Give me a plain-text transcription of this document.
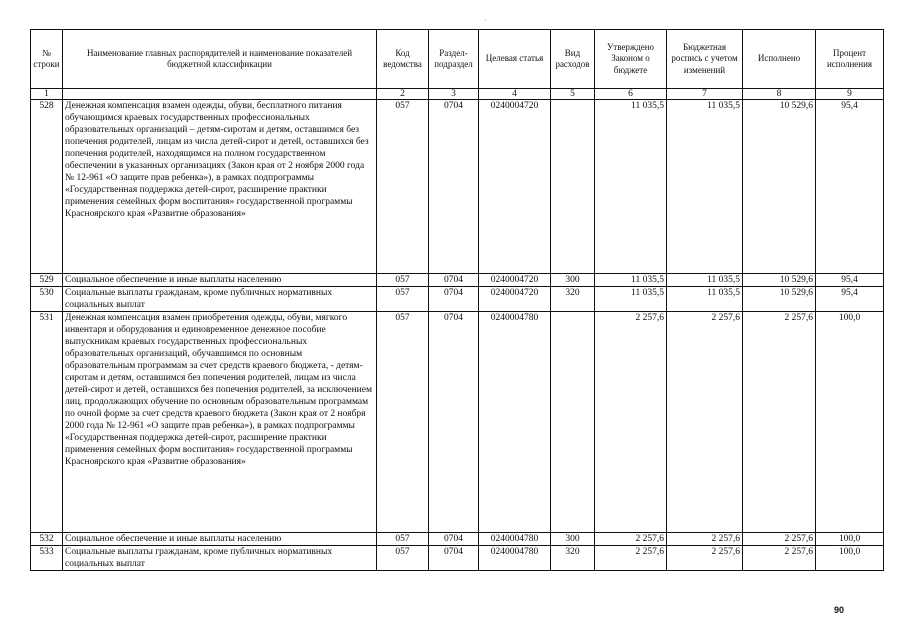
·
№ строки	Наименование главных распорядителей и наименование показателей бюджетной классификации	Код ведомства	Раздел-подраздел	Целевая статья	Вид расходов	Утверждено Законом о бюджете	Бюджетная роспись с учетом изменений	Исполнено	Процент исполнения
1		2	3	4	5	6	7	8	9
528	Денежная компенсация взамен одежды, обуви, бесплатного питания обучающимся краевых государственных профессиональных образовательных организаций – детям-сиротам и детям, оставшимся без попечения родителей, лицам из числа детей-сирот и детей, оставшихся без попечения родителей, находящимся на полном государственном обеспечении в указанных организациях (Закон края от 2 ноября 2000 года № 12-961 «О защите прав ребенка»), в рамках подпрограммы «Государственная поддержка детей-сирот, расширение практики применения семейных форм воспитания» государственной программы Красноярского края «Развитие образования»	057	0704	0240004720		11 035,5	11 035,5	10 529,6	95,4
529	Социальное обеспечение и иные выплаты населению	057	0704	0240004720	300	11 035,5	11 035,5	10 529,6	95,4
530	Социальные выплаты гражданам, кроме публичных нормативных социальных выплат	057	0704	0240004720	320	11 035,5	11 035,5	10 529,6	95,4
531	Денежная компенсация взамен приобретения одежды, обуви, мягкого инвентаря и оборудования и единовременное денежное пособие выпускникам краевых государственных профессиональных образовательных организаций, обучавшимся по основным образовательным программам за счет средств краевого бюджета, - детям-сиротам и детям, оставшимся без попечения родителей, лицам из числа детей-сирот и детей, оставшихся без попечения родителей, за исключением лиц, продолжающих обучение по основным образовательным программам по очной форме за счет средств краевого бюджета (Закон края от 2 ноября 2000 года № 12-961 «О защите прав ребенка»), в рамках подпрограммы «Государственная поддержка детей-сирот, расширение практики применения семейных форм воспитания» государственной программы Красноярского края «Развитие образования»	057	0704	0240004780		2 257,6	2 257,6	2 257,6	100,0
532	Социальное обеспечение и иные выплаты населению	057	0704	0240004780	300	2 257,6	2 257,6	2 257,6	100,0
533	Социальные выплаты гражданам, кроме публичных нормативных социальных выплат	057	0704	0240004780	320	2 257,6	2 257,6	2 257,6	100,0
90
